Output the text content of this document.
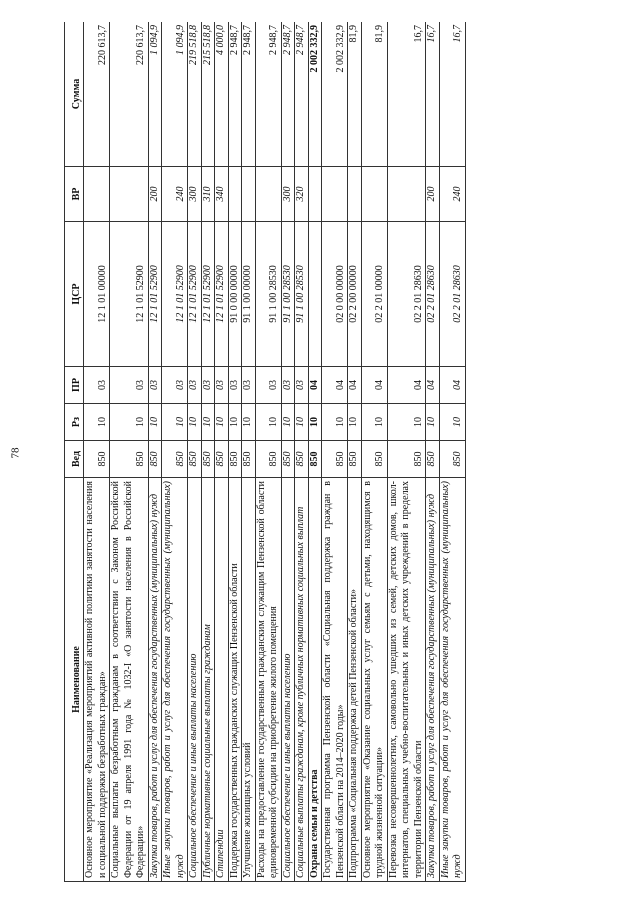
78
Наименование	Вед	Рз	ПР	ЦСР	ВР	Сумма
Основное мероприятие «Реализация мероприятий активной политики занятости населения и социальной поддержки безработных граждан»	850	10	03	12 1 01 00000		220 613,7
Социальные выплаты безработным гражданам в соответствии с Законом Российской Федерации от 19 апреля 1991 года № 1032-I «О занятости населения в Российской Федерации»	850	10	03	12 1 01 52900		220 613,7
Закупка товаров, работ и услуг для обеспечения государственных (муниципальных) нужд	850	10	03	12 1 01 52900	200	1 094,9
Иные закупки товаров, работ и услуг для обеспечения государственных (муниципальных) нужд	850	10	03	12 1 01 52900	240	1 094,9
Социальное обеспечение и иные выплаты населению	850	10	03	12 1 01 52900	300	219 518,8
Публичные нормативные социальные выплаты гражданам	850	10	03	12 1 01 52900	310	215 518,8
Стипендии	850	10	03	12 1 01 52900	340	4 000,0
Поддержка государственных гражданских служащих Пензенской области	850	10	03	91 0 00 00000		2 948,7
Улучшение жилищных условий	850	10	03	91 1 00 00000		2 948,7
Расходы на предоставление государственным гражданским служащим Пензенской области единовременной субсидии на приобретение жилого помещения	850	10	03	91 1 00 28530		2 948,7
Социальное обеспечение и иные выплаты населению	850	10	03	91 1 00 28530	300	2 948,7
Социальные выплаты гражданам, кроме публичных нормативных социальных выплат	850	10	03	91 1 00 28530	320	2 948,7
Охрана семьи и детства	850	10	04			2 002 332,9
Государственная программа Пензенской области «Социальная поддержка граждан в Пензенской области на 2014–2020 годы»	850	10	04	02 0 00 00000		2 002 332,9
Подпрограмма «Социальная поддержка детей Пензенской области»	850	10	04	02 2 00 00000		81,9
Основное мероприятие «Оказание социальных услуг семьям с детьми, находящимся в трудной жизненной ситуации»	850	10	04	02 2 01 00000		81,9
Перевозка несовершеннолетних, самовольно ушедших из семей, детских домов, школ-интернатов, специальных учебно-воспитательных и иных детских учреждений в пределах территории Пензенской области	850	10	04	02 2 01 28630		16,7
Закупка товаров, работ и услуг для обеспечения государственных (муниципальных) нужд	850	10	04	02 2 01 28630	200	16,7
Иные закупки товаров, работ и услуг для обеспечения государственных (муниципальных) нужд	850	10	04	02 2 01 28630	240	16,7
